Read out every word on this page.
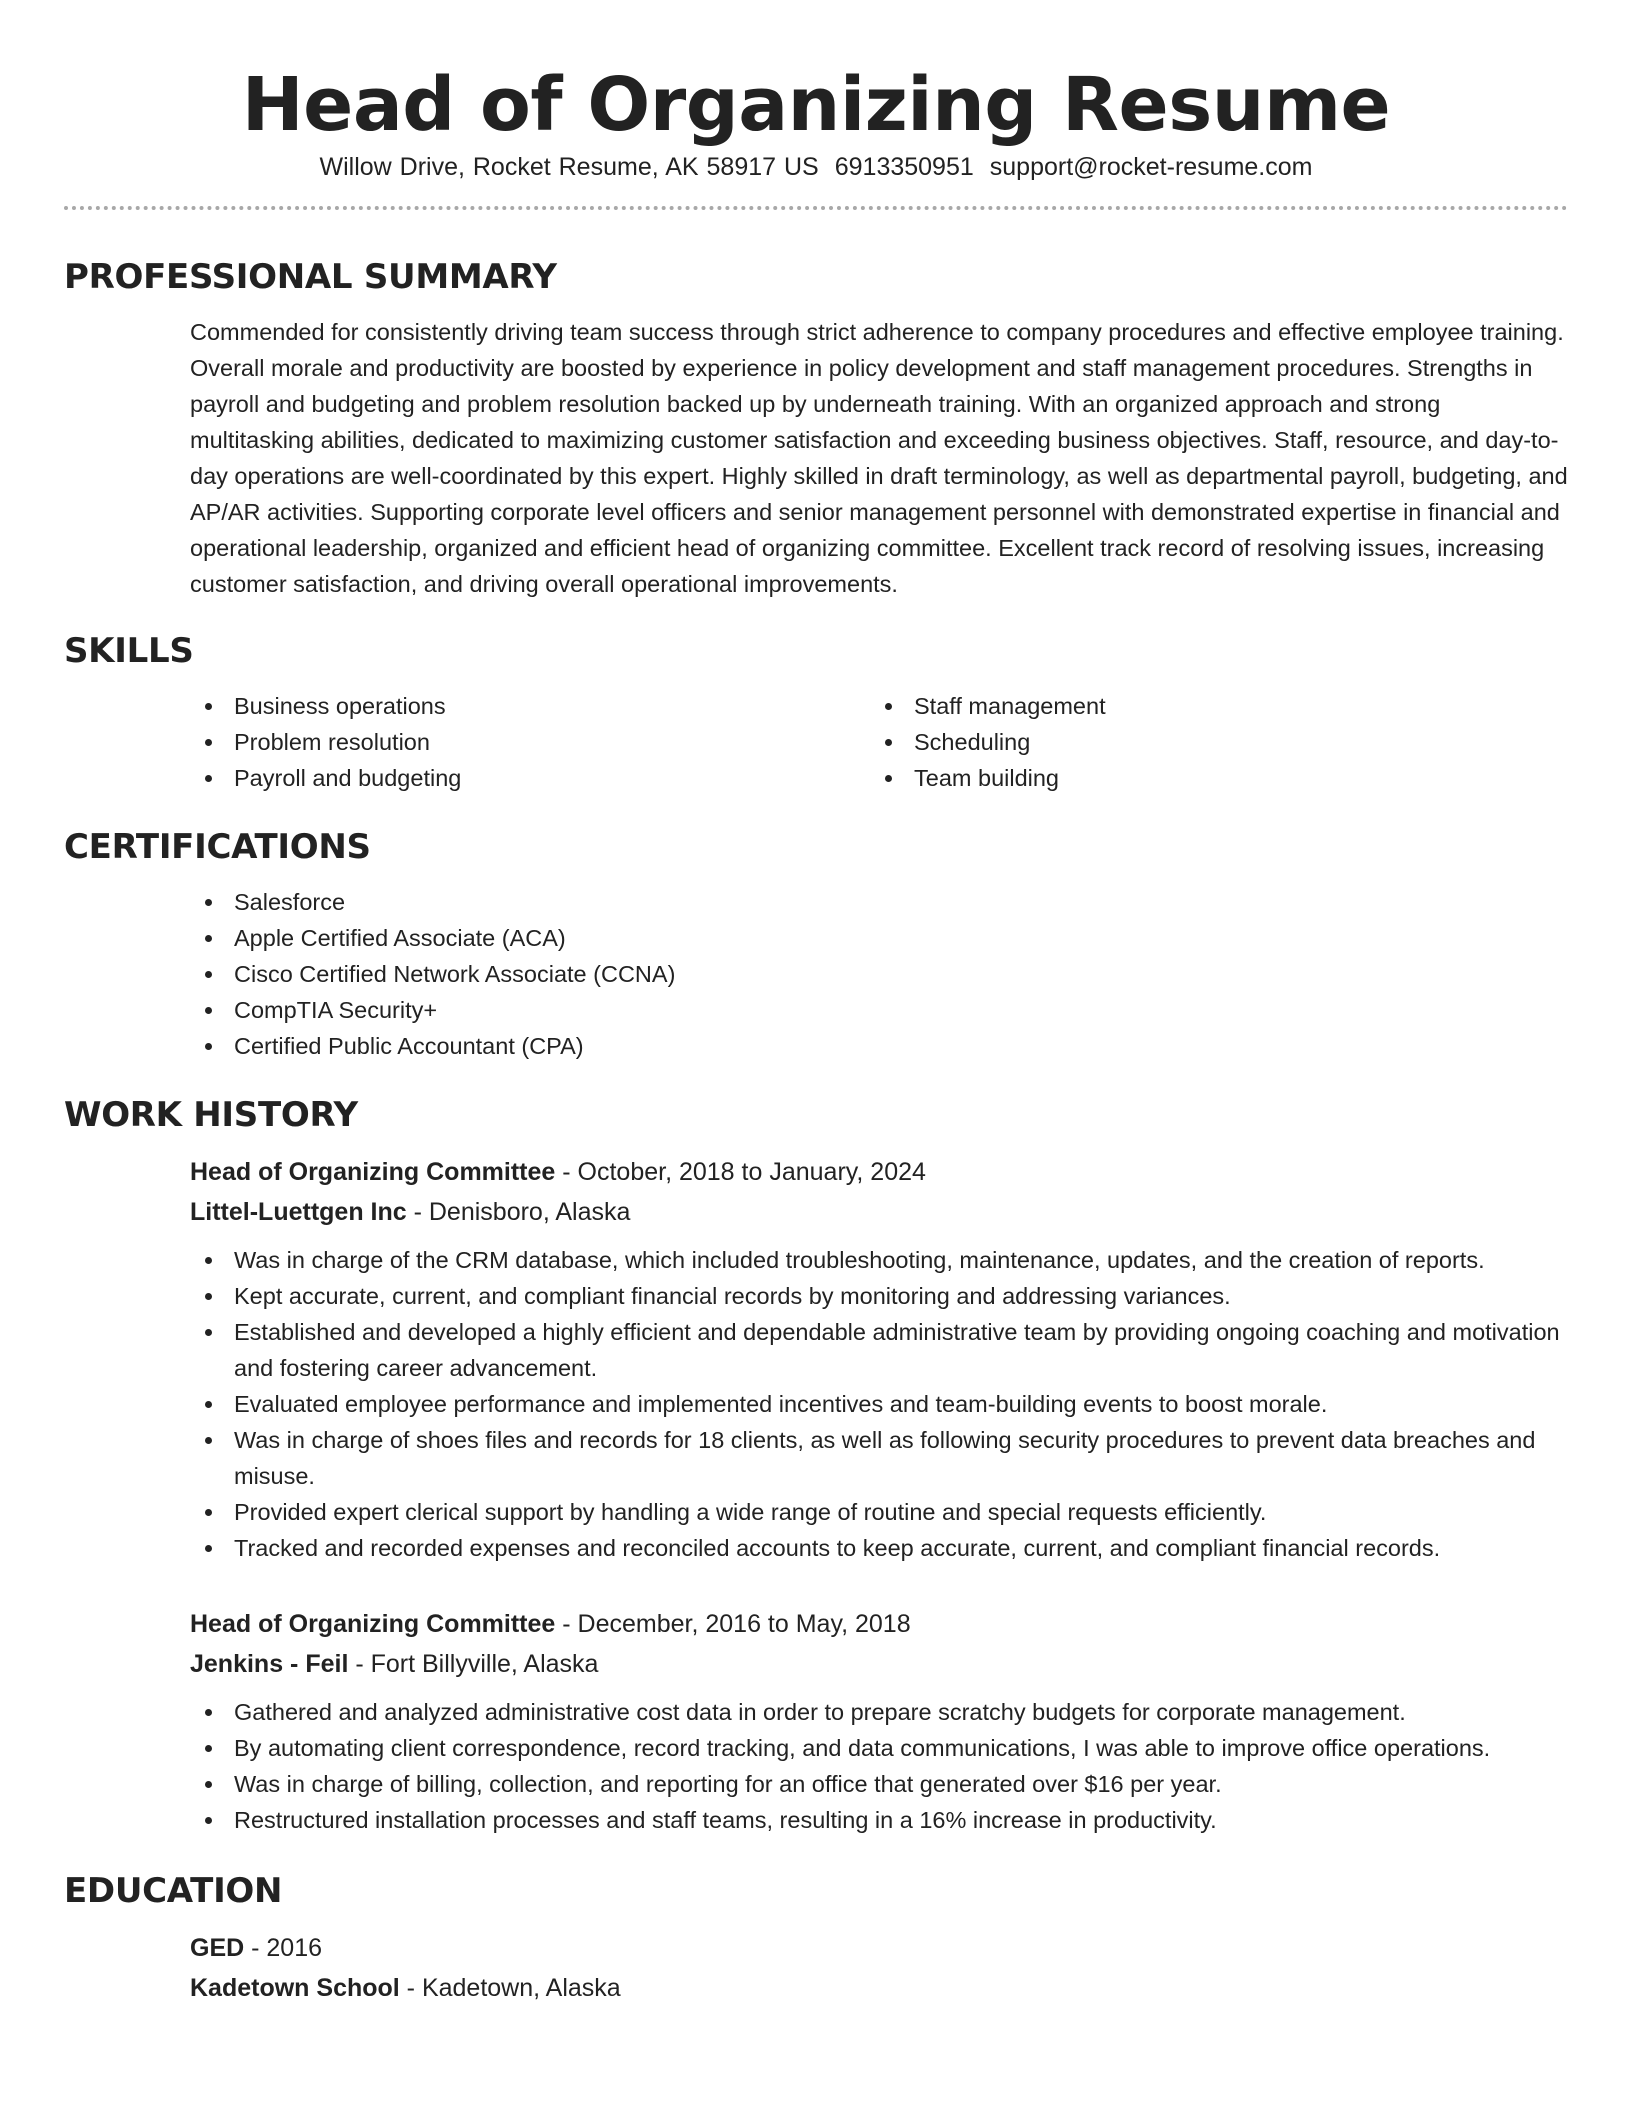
Head of Organizing Resume
Willow Drive, Rocket Resume, AK 58917 US 6913350951 support@rocket-resume.com
PROFESSIONAL SUMMARY

Commended for consistently driving team success through strict adherence to company procedures and effective employee training. Overall morale and productivity are boosted by experience in policy development and staff management procedures. Strengths in payroll and budgeting and problem resolution backed up by underneath training. With an organized approach and strong multitasking abilities, dedicated to maximizing customer satisfaction and exceeding business objectives. Staff, resource, and day-to-day operations are well-coordinated by this expert. Highly skilled in draft terminology, as well as departmental payroll, budgeting, and AP/AR activities. Supporting corporate level officers and senior management personnel with demonstrated expertise in financial and operational leadership, organized and efficient head of organizing committee. Excellent track record of resolving issues, increasing customer satisfaction, and driving overall operational improvements.

SKILLS
Business operations
Problem resolution
Payroll and budgeting
Staff management
Scheduling
Team building
CERTIFICATIONS
Salesforce
Apple Certified Associate (ACA)
Cisco Certified Network Associate (CCNA)
CompTIA Security+
Certified Public Accountant (CPA)
WORK HISTORY
Head of Organizing Committee - October, 2018 to January, 2024
Littel-Luettgen Inc - Denisboro, Alaska
Was in charge of the CRM database, which included troubleshooting, maintenance, updates, and the creation of reports.
Kept accurate, current, and compliant financial records by monitoring and addressing variances.
Established and developed a highly efficient and dependable administrative team by providing ongoing coaching and motivation and fostering career advancement.
Evaluated employee performance and implemented incentives and team-building events to boost morale.
Was in charge of shoes files and records for 18 clients, as well as following security procedures to prevent data breaches and misuse.
Provided expert clerical support by handling a wide range of routine and special requests efficiently.
Tracked and recorded expenses and reconciled accounts to keep accurate, current, and compliant financial records.
Head of Organizing Committee - December, 2016 to May, 2018
Jenkins - Feil - Fort Billyville, Alaska
Gathered and analyzed administrative cost data in order to prepare scratchy budgets for corporate management.
By automating client correspondence, record tracking, and data communications, I was able to improve office operations.
Was in charge of billing, collection, and reporting for an office that generated over $16 per year.
Restructured installation processes and staff teams, resulting in a 16% increase in productivity.
EDUCATION
GED - 2016
Kadetown School - Kadetown, Alaska
